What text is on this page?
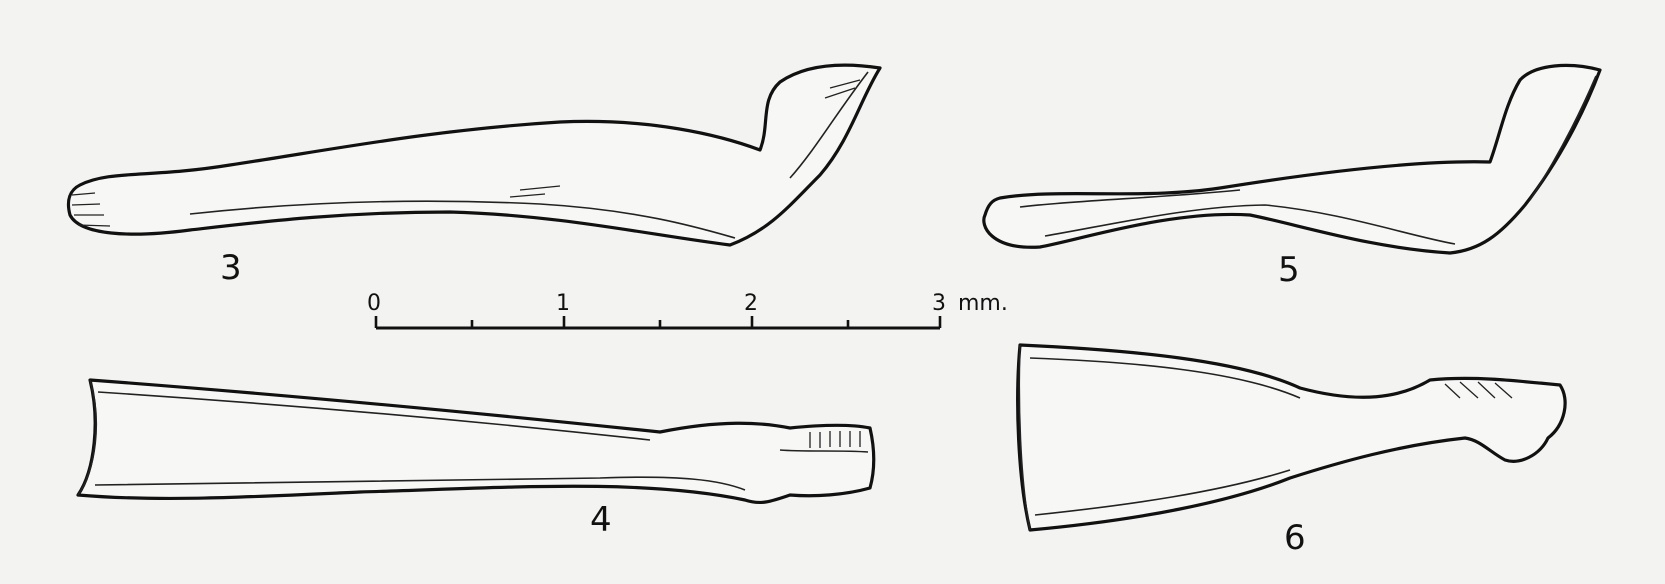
0	1	2	3 mm.
3
4
5
6
